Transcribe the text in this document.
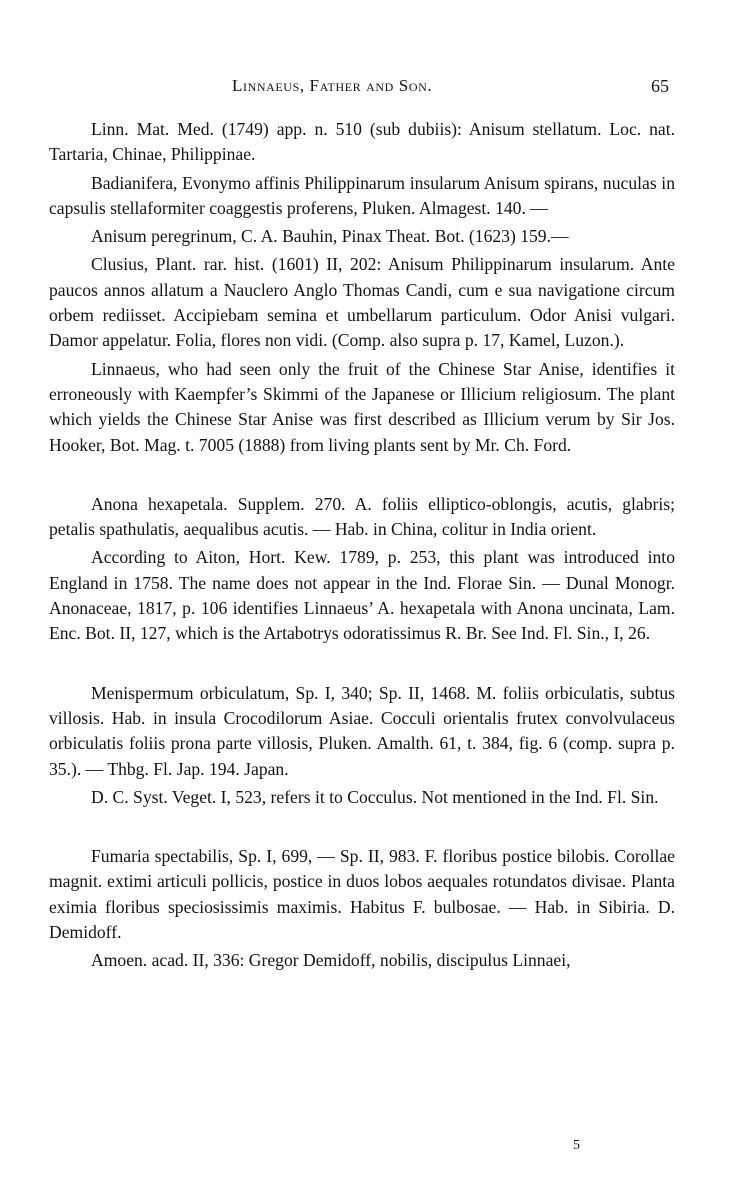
Linnaeus, Father and Son.	65

Linn. Mat. Med. (1749) app. n. 510 (sub dubiis): Anisum stellatum. Loc. nat. Tartaria, Chinae, Philippinae.

Badianifera, Evonymo affinis Philippinarum insularum Anisum spirans, nuculas in capsulis stellaformiter coaggestis proferens, Pluken. Almagest. 140. —

Anisum peregrinum, C. A. Bauhin, Pinax Theat. Bot. (1623) 159.—

Clusius, Plant. rar. hist. (1601) II, 202: Anisum Philippinarum insularum. Ante paucos annos allatum a Nauclero Anglo Thomas Candi, cum e sua navigatione circum orbem rediisset. Accipiebam semina et umbellarum particulum. Odor Anisi vulgari. Damor appelatur. Folia, flores non vidi. (Comp. also supra p. 17, Kamel, Luzon.).

Linnaeus, who had seen only the fruit of the Chinese Star Anise, identifies it erroneously with Kaempfer’s Skimmi of the Japanese or Illicium religiosum. The plant which yields the Chinese Star Anise was first described as Illicium verum by Sir Jos. Hooker, Bot. Mag. t. 7005 (1888) from living plants sent by Mr. Ch. Ford.

Anona hexapetala. Supplem. 270. A. foliis elliptico-oblongis, acutis, glabris; petalis spathulatis, aequalibus acutis. — Hab. in China, colitur in India orient.

According to Aiton, Hort. Kew. 1789, p. 253, this plant was introduced into England in 1758. The name does not appear in the Ind. Florae Sin. — Dunal Monogr. Anonaceae, 1817, p. 106 identifies Linnaeus’ A. hexapetala with Anona uncinata, Lam. Enc. Bot. II, 127, which is the Artabotrys odoratissimus R. Br. See Ind. Fl. Sin., I, 26.

Menispermum orbiculatum, Sp. I, 340; Sp. II, 1468. M. foliis orbiculatis, subtus villosis. Hab. in insula Crocodilorum Asiae. Cocculi orientalis frutex convolvulaceus orbiculatis foliis prona parte villosis, Pluken. Amalth. 61, t. 384, fig. 6 (comp. supra p. 35.). — Thbg. Fl. Jap. 194. Japan.

D. C. Syst. Veget. I, 523, refers it to Cocculus. Not mentioned in the Ind. Fl. Sin.

Fumaria spectabilis, Sp. I, 699, — Sp. II, 983. F. floribus postice bilobis. Corollae magnit. extimi articuli pollicis, postice in duos lobos aequales rotundatos divisae. Planta eximia floribus speciosissimis maximis. Habitus F. bulbosae. — Hab. in Sibiria. D. Demidoff.

Amoen. acad. II, 336: Gregor Demidoff, nobilis, discipulus Linnaei,

5
